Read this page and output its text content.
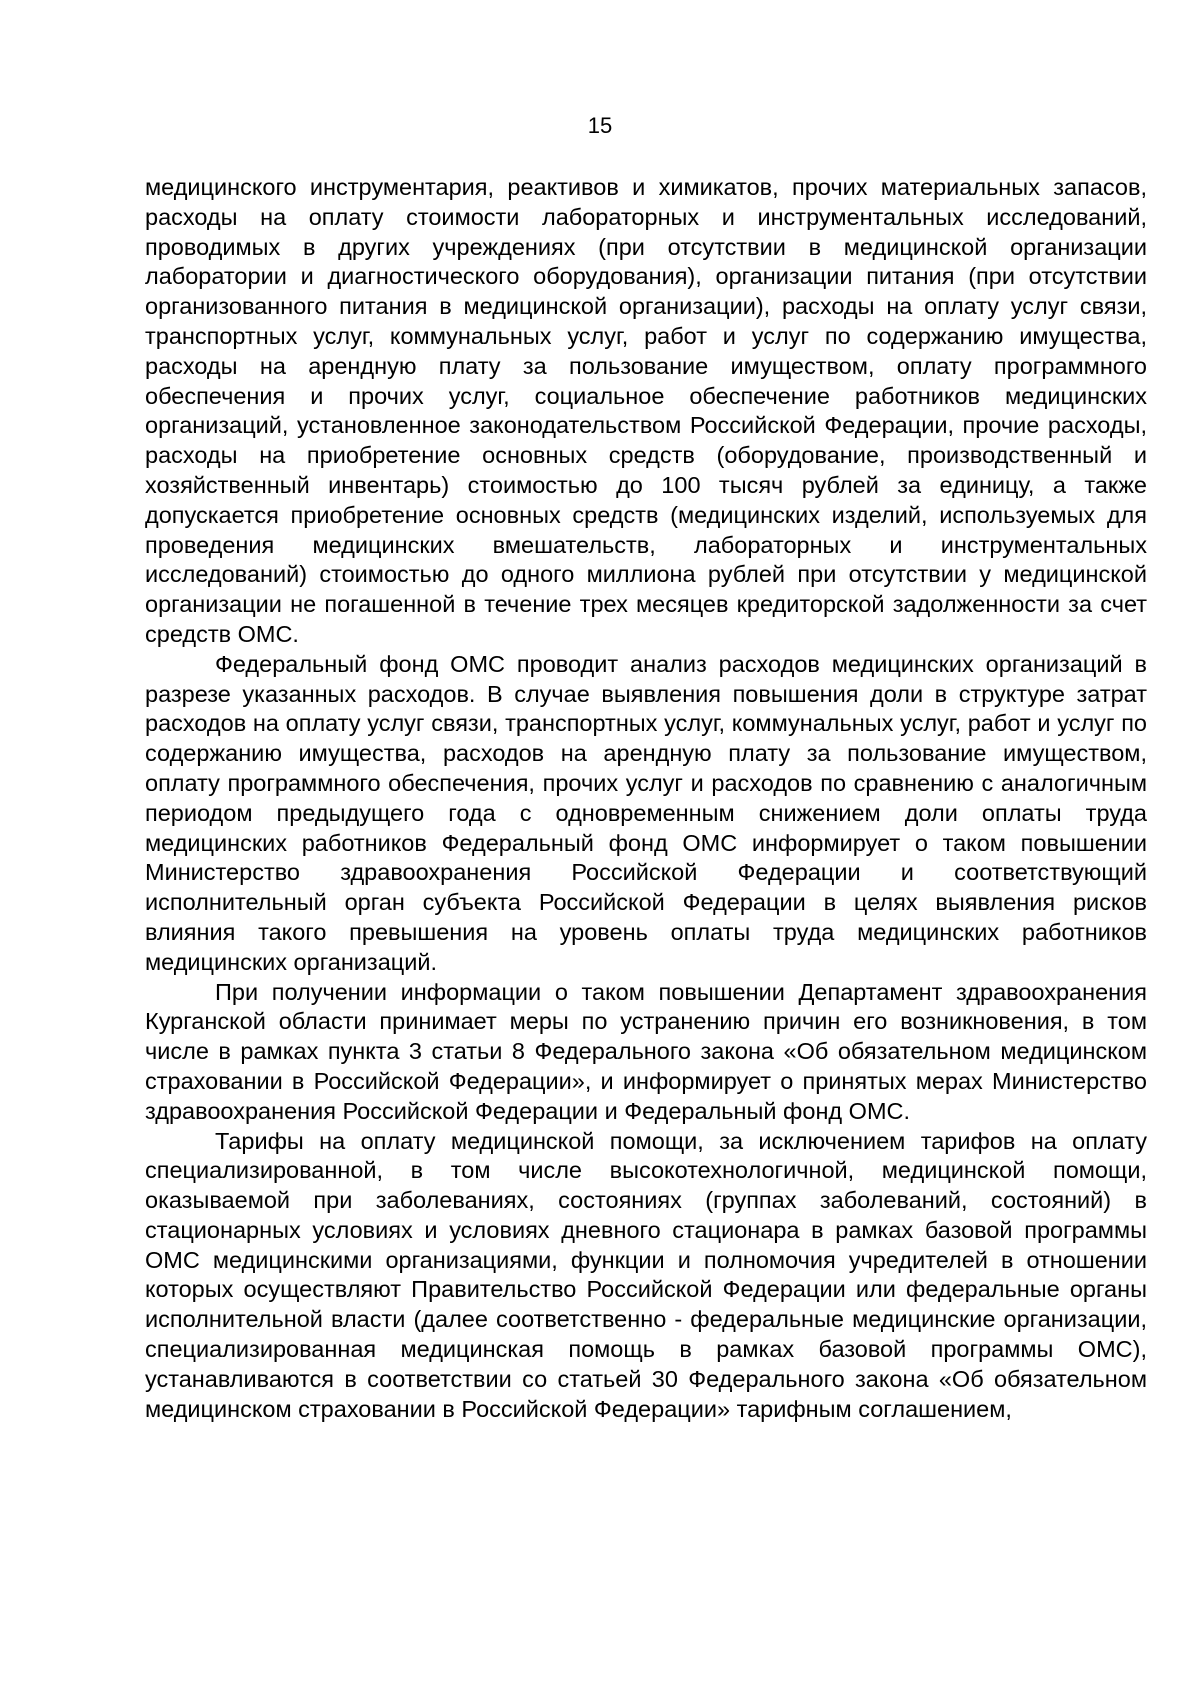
15

медицинского инструментария, реактивов и химикатов, прочих материальных запасов, расходы на оплату стоимости лабораторных и инструментальных исследований, проводимых в других учреждениях (при отсутствии в медицинской организации лаборатории и диагностического оборудования), организации питания (при отсутствии организованного питания в медицинской организации), расходы на оплату услуг связи, транспортных услуг, коммунальных услуг, работ и услуг по содержанию имущества, расходы на арендную плату за пользование имуществом, оплату программного обеспечения и прочих услуг, социальное обеспечение работников медицинских организаций, установленное законодательством Российской Федерации, прочие расходы, расходы на приобретение основных средств (оборудование, производственный и хозяйственный инвентарь) стоимостью до 100 тысяч рублей за единицу, а также допускается приобретение основных средств (медицинских изделий, используемых для проведения медицинских вмешательств, лабораторных и инструментальных исследований) стоимостью до одного миллиона рублей при отсутствии у медицинской организации не погашенной в течение трех месяцев кредиторской задолженности за счет средств ОМС.

Федеральный фонд ОМС проводит анализ расходов медицинских организаций в разрезе указанных расходов. В случае выявления повышения доли в структуре затрат расходов на оплату услуг связи, транспортных услуг, коммунальных услуг, работ и услуг по содержанию имущества, расходов на арендную плату за пользование имуществом, оплату программного обеспечения, прочих услуг и расходов по сравнению с аналогичным периодом предыдущего года с одновременным снижением доли оплаты труда медицинских работников Федеральный фонд ОМС информирует о таком повышении Министерство здравоохранения Российской Федерации и соответствующий исполнительный орган субъекта Российской Федерации в целях выявления рисков влияния такого превышения на уровень оплаты труда медицинских работников медицинских организаций.

При получении информации о таком повышении Департамент здравоохранения Курганской области принимает меры по устранению причин его возникновения, в том числе в рамках пункта 3 статьи 8 Федерального закона «Об обязательном медицинском страховании в Российской Федерации», и информирует о принятых мерах Министерство здравоохранения Российской Федерации и Федеральный фонд ОМС.

Тарифы на оплату медицинской помощи, за исключением тарифов на оплату специализированной, в том числе высокотехнологичной, медицинской помощи, оказываемой при заболеваниях, состояниях (группах заболеваний, состояний) в стационарных условиях и условиях дневного стационара в рамках базовой программы ОМС медицинскими организациями, функции и полномочия учредителей в отношении которых осуществляют Правительство Российской Федерации или федеральные органы исполнительной власти (далее соответственно - федеральные медицинские организации, специализированная медицинская помощь в рамках базовой программы ОМС), устанавливаются в соответствии со статьей 30 Федерального закона «Об обязательном медицинском страховании в Российской Федерации» тарифным соглашением,
